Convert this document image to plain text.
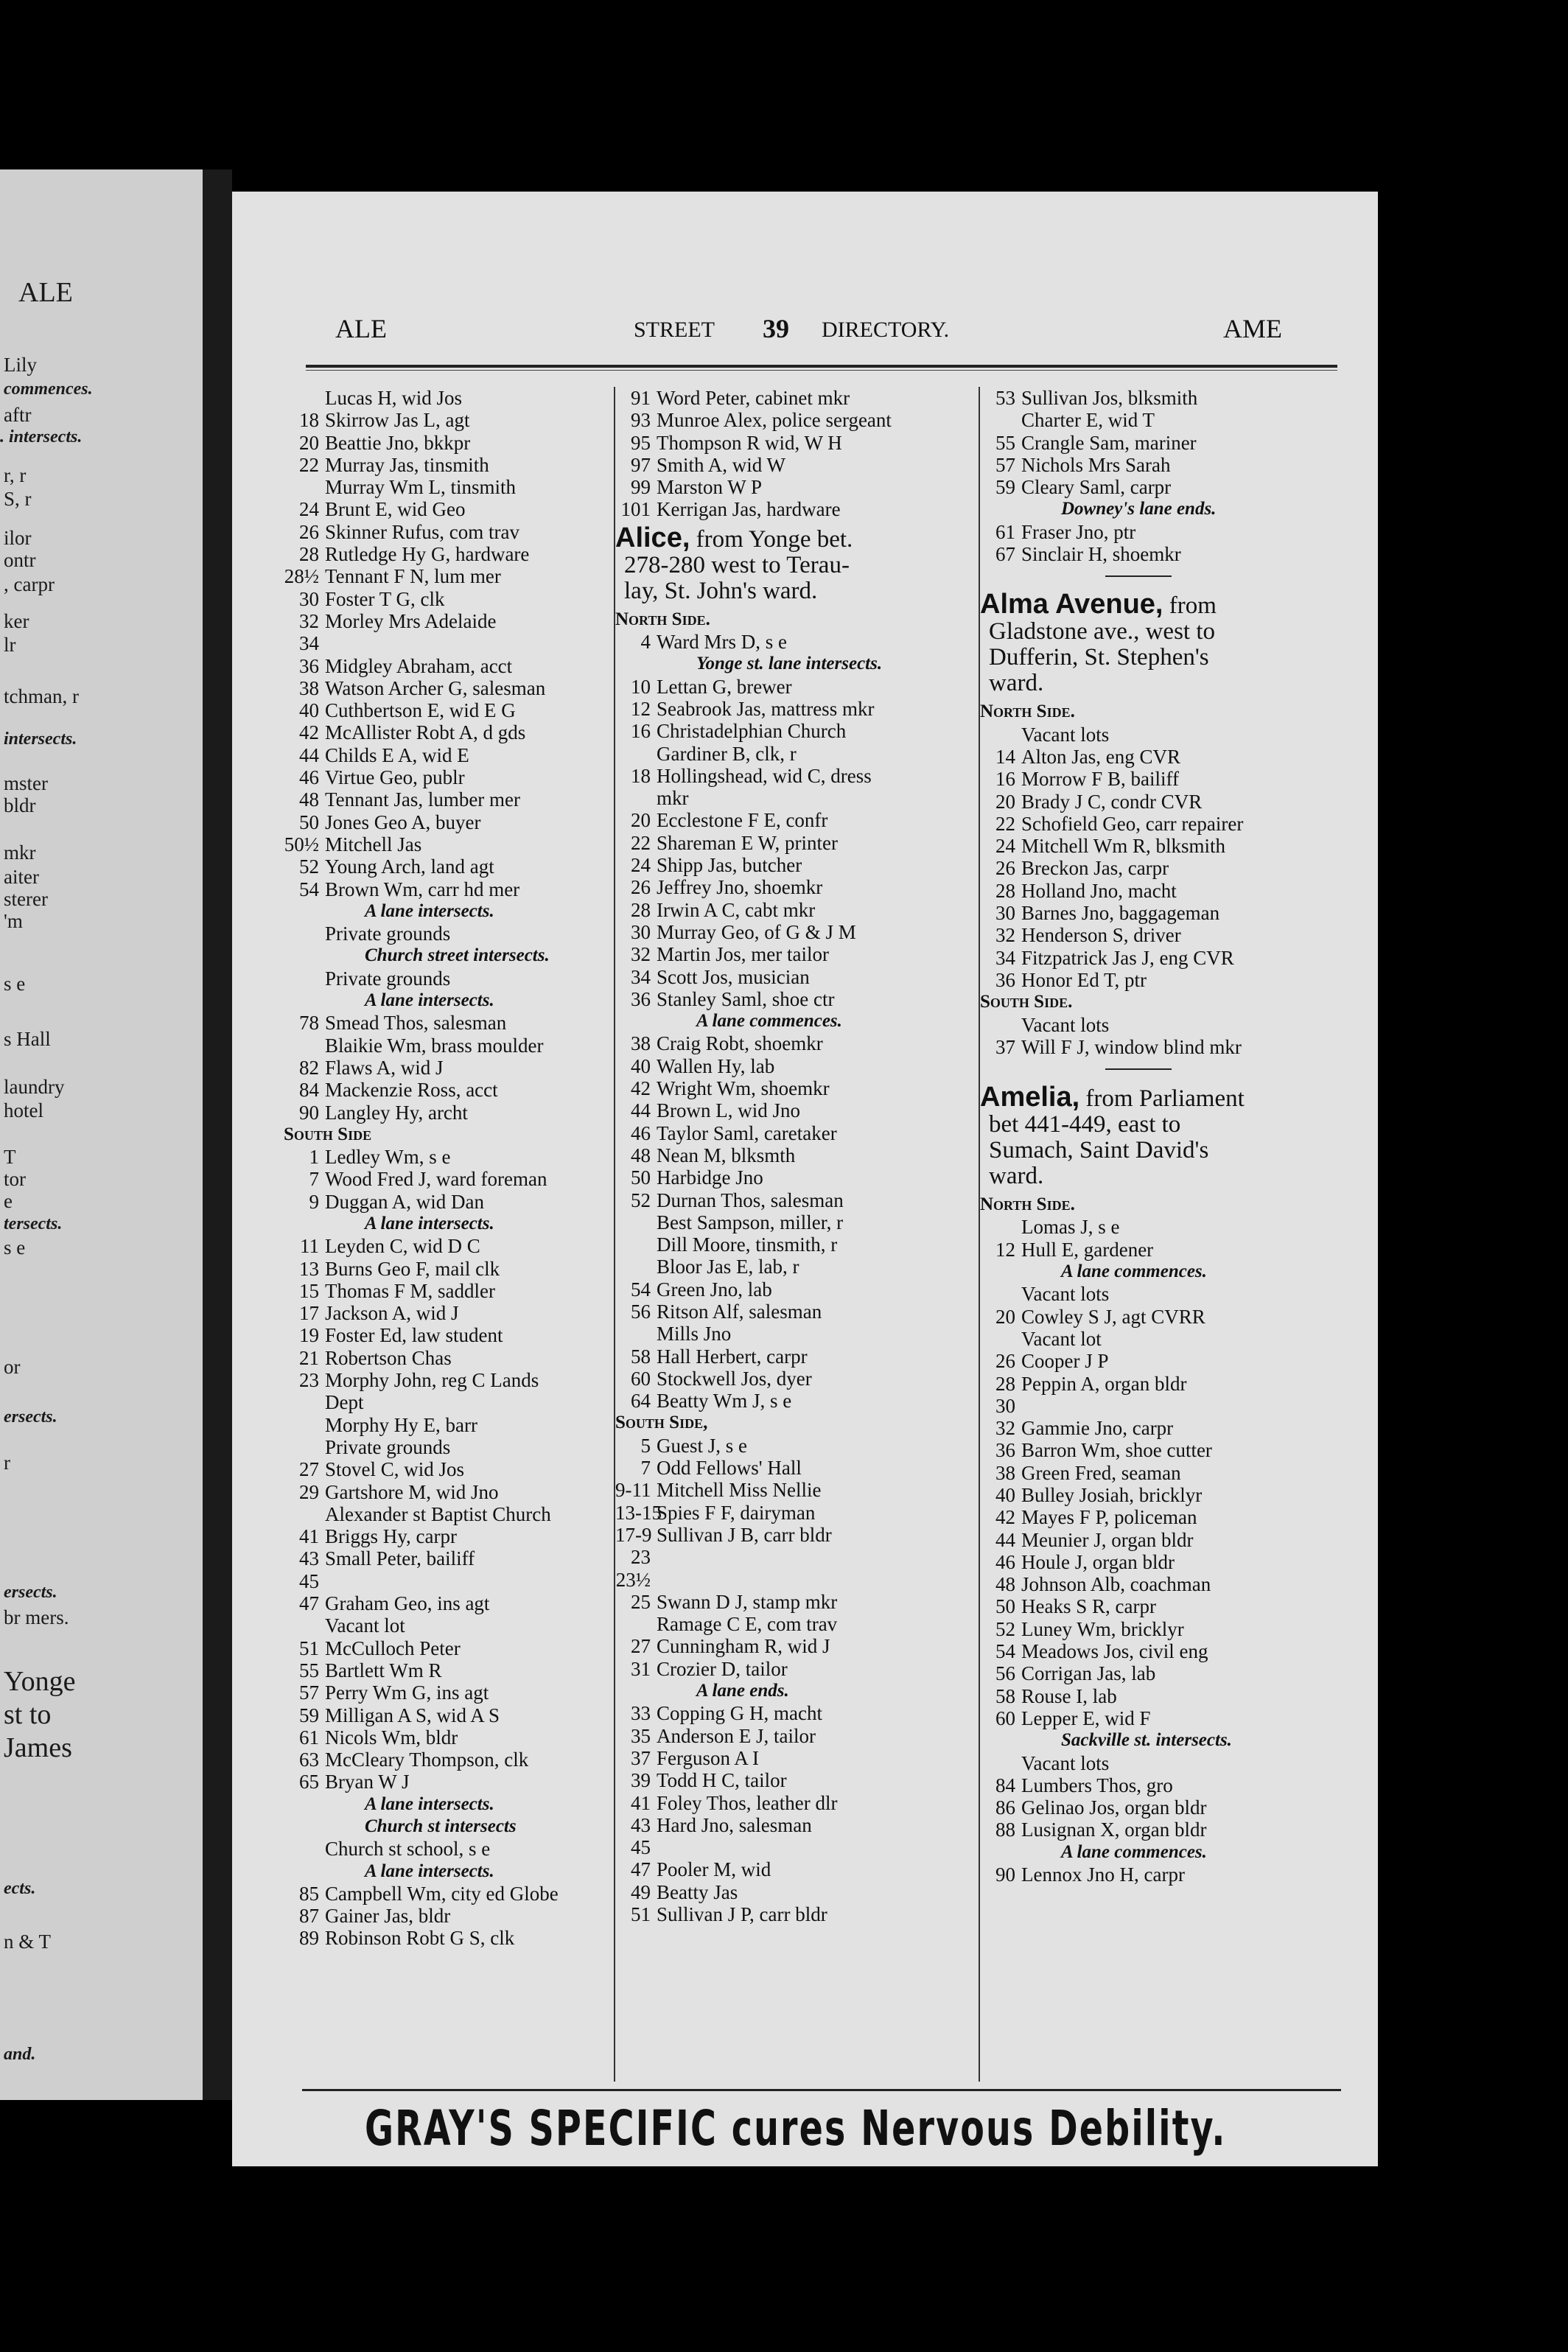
ALE
Lily
commences.
aftr
. intersects.
r, r
S, r
ilor
ontr
, carpr
ker
lr
tchman, r
intersects.
mster
bldr
mkr
aiter
sterer
'm
s e
s Hall
laundry
hotel
T
tor
e
tersects.
s e
or
ersects.
r
ersects.
br mers.
Yonge
st to
James
ects.
n & T
and.
ALE	STREET 39 DIRECTORY.	AME
Lucas H, wid Jos
18 Skirrow Jas L, agt
20 Beattie Jno, bkkpr
22 Murray Jas, tinsmith
Murray Wm L, tinsmith
24 Brunt E, wid Geo
26 Skinner Rufus, com trav
28 Rutledge Hy G, hardware
28½ Tennant F N, lum mer
30 Foster T G, clk
32 Morley Mrs Adelaide
34
36 Midgley Abraham, acct
38 Watson Archer G, salesman
40 Cuthbertson E, wid E G
42 McAllister Robt A, d gds
44 Childs E A, wid E
46 Virtue Geo, publr
48 Tennant Jas, lumber mer
50 Jones Geo A, buyer
50½ Mitchell Jas
52 Young Arch, land agt
54 Brown Wm, carr hd mer
A lane intersects.
Private grounds
Church street intersects.
Private grounds
A lane intersects.
78 Smead Thos, salesman
Blaikie Wm, brass moulder
82 Flaws A, wid J
84 Mackenzie Ross, acct
90 Langley Hy, archt
South Side
1 Ledley Wm, s e
7 Wood Fred J, ward foreman
9 Duggan A, wid Dan
A lane intersects.
11 Leyden C, wid D C
13 Burns Geo F, mail clk
15 Thomas F M, saddler
17 Jackson A, wid J
19 Foster Ed, law student
21 Robertson Chas
23 Morphy John, reg C Lands
Dept
Morphy Hy E, barr
Private grounds
27 Stovel C, wid Jos
29 Gartshore M, wid Jno
Alexander st Baptist Church
41 Briggs Hy, carpr
43 Small Peter, bailiff
45
47 Graham Geo, ins agt
Vacant lot
51 McCulloch Peter
55 Bartlett Wm R
57 Perry Wm G, ins agt
59 Milligan A S, wid A S
61 Nicols Wm, bldr
63 McCleary Thompson, clk
65 Bryan W J
A lane intersects.
Church st intersects
Church st school, s e
A lane intersects.
85 Campbell Wm, city ed Globe
87 Gainer Jas, bldr
89 Robinson Robt G S, clk
91 Word Peter, cabinet mkr
93 Munroe Alex, police sergeant
95 Thompson R wid, W H
97 Smith A, wid W
99 Marston W P
101 Kerrigan Jas, hardware
Alice, from Yonge bet.
278-280 west to Terau-
lay, St. John's ward.
North Side.
4 Ward Mrs D, s e
Yonge st. lane intersects.
10 Lettan G, brewer
12 Seabrook Jas, mattress mkr
16 Christadelphian Church
Gardiner B, clk, r
18 Hollingshead, wid C, dress
mkr
20 Ecclestone F E, confr
22 Shareman E W, printer
24 Shipp Jas, butcher
26 Jeffrey Jno, shoemkr
28 Irwin A C, cabt mkr
30 Murray Geo, of G & J M
32 Martin Jos, mer tailor
34 Scott Jos, musician
36 Stanley Saml, shoe ctr
A lane commences.
38 Craig Robt, shoemkr
40 Wallen Hy, lab
42 Wright Wm, shoemkr
44 Brown L, wid Jno
46 Taylor Saml, caretaker
48 Nean M, blksmth
50 Harbidge Jno
52 Durnan Thos, salesman
Best Sampson, miller, r
Dill Moore, tinsmith, r
Bloor Jas E, lab, r
54 Green Jno, lab
56 Ritson Alf, salesman
Mills Jno
58 Hall Herbert, carpr
60 Stockwell Jos, dyer
64 Beatty Wm J, s e
South Side,
5 Guest J, s e
7 Odd Fellows' Hall
9-11 Mitchell Miss Nellie
13-15Spies F F, dairyman
17-9 Sullivan J B, carr bldr
23
23½
25 Swann D J, stamp mkr
Ramage C E, com trav
27 Cunningham R, wid J
31 Crozier D, tailor
A lane ends.
33 Copping G H, macht
35 Anderson E J, tailor
37 Ferguson A I
39 Todd H C, tailor
41 Foley Thos, leather dlr
43 Hard Jno, salesman
45
47 Pooler M, wid
49 Beatty Jas
51 Sullivan J P, carr bldr
53 Sullivan Jos, blksmith
Charter E, wid T
55 Crangle Sam, mariner
57 Nichols Mrs Sarah
59 Cleary Saml, carpr
Downey's lane ends.
61 Fraser Jno, ptr
67 Sinclair H, shoemkr
Alma Avenue, from
Gladstone ave., west to
Dufferin, St. Stephen's
ward.
North Side.
Vacant lots
14 Alton Jas, eng CVR
16 Morrow F B, bailiff
20 Brady J C, condr CVR
22 Schofield Geo, carr repairer
24 Mitchell Wm R, blksmith
26 Breckon Jas, carpr
28 Holland Jno, macht
30 Barnes Jno, baggageman
32 Henderson S, driver
34 Fitzpatrick Jas J, eng CVR
36 Honor Ed T, ptr
South Side.
Vacant lots
37 Will F J, window blind mkr
Amelia, from Parliament
bet 441-449, east to
Sumach, Saint David's
ward.
North Side.
Lomas J, s e
12 Hull E, gardener
A lane commences.
Vacant lots
20 Cowley S J, agt CVRR
Vacant lot
26 Cooper J P
28 Peppin A, organ bldr
30
32 Gammie Jno, carpr
36 Barron Wm, shoe cutter
38 Green Fred, seaman
40 Bulley Josiah, bricklyr
42 Mayes F P, policeman
44 Meunier J, organ bldr
46 Houle J, organ bldr
48 Johnson Alb, coachman
50 Heaks S R, carpr
52 Luney Wm, bricklyr
54 Meadows Jos, civil eng
56 Corrigan Jas, lab
58 Rouse I, lab
60 Lepper E, wid F
Sackville st. intersects.
Vacant lots
84 Lumbers Thos, gro
86 Gelinao Jos, organ bldr
88 Lusignan X, organ bldr
A lane commences.
90 Lennox Jno H, carpr
GRAY'S SPECIFIC cures Nervous Debility.
